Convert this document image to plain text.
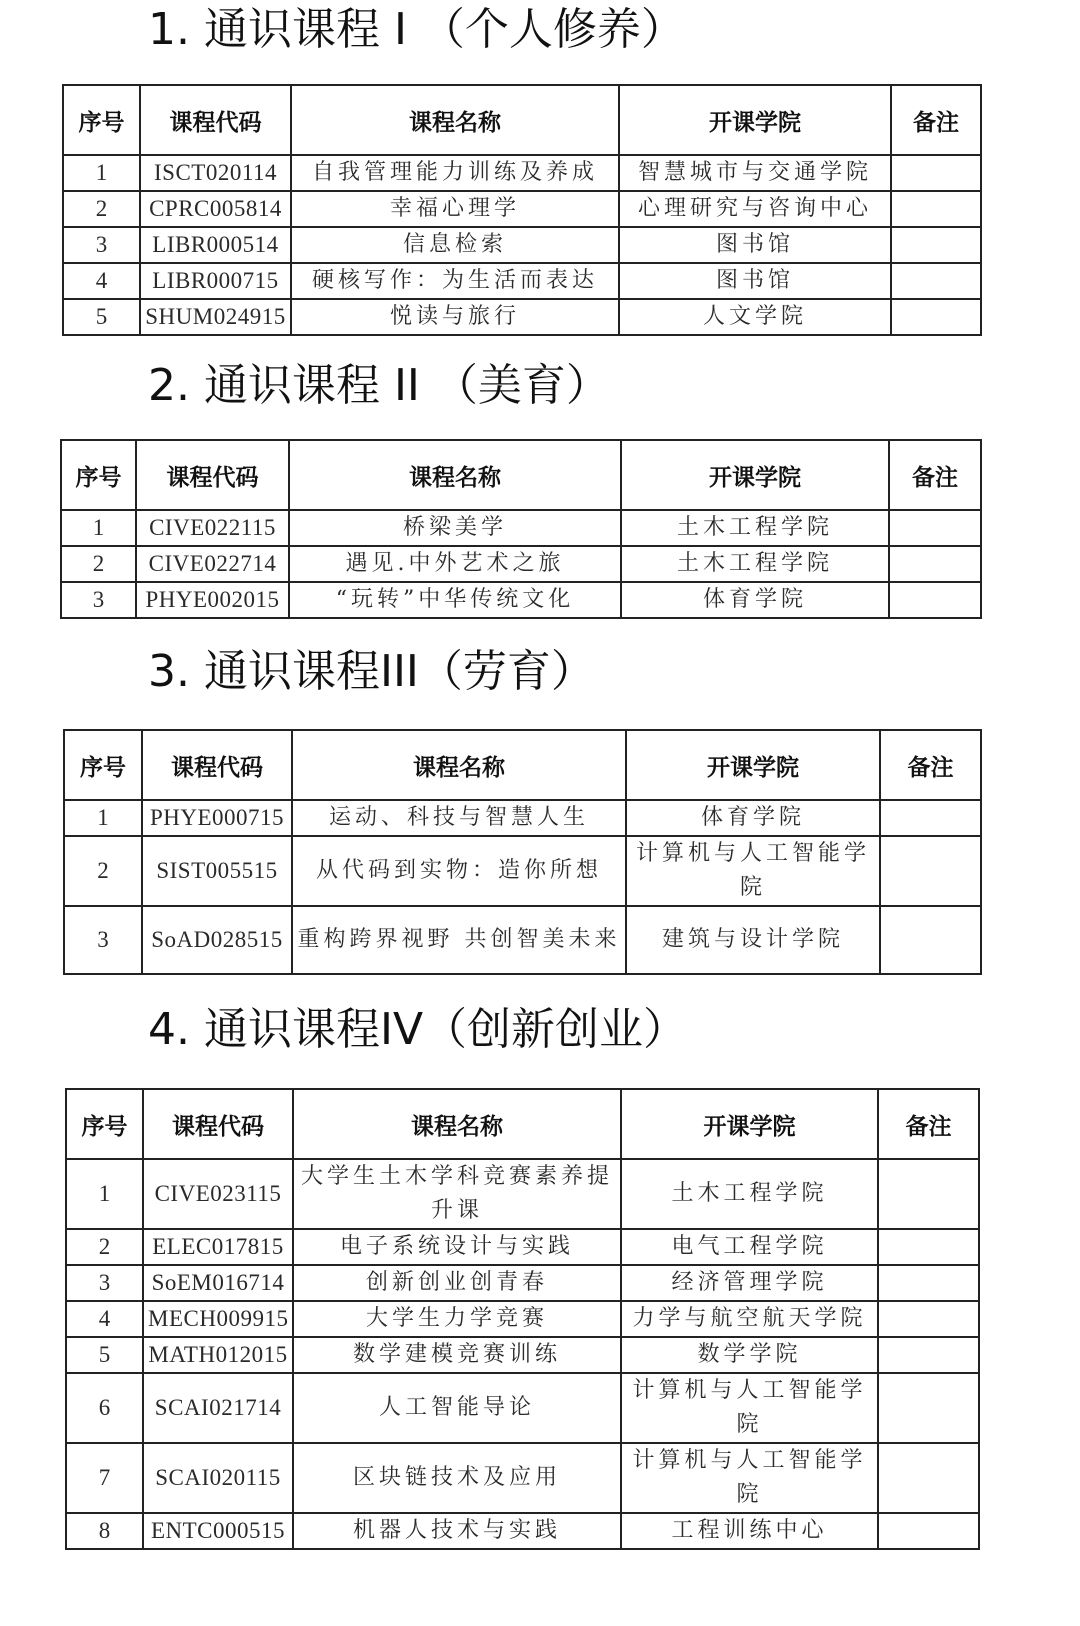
1. 通识课程 I （个人修养）
序号	课程代码	课程名称	开课学院	备注
1	ISCT020114	自我管理能力训练及养成	智慧城市与交通学院	
2	CPRC005814	幸福心理学	心理研究与咨询中心	
3	LIBR000514	信息检索	图书馆	
4	LIBR000715	硬核写作：为生活而表达	图书馆	
5	SHUM024915	悦读与旅行	人文学院	
2. 通识课程 II （美育）
序号	课程代码	课程名称	开课学院	备注
1	CIVE022115	桥梁美学	土木工程学院	
2	CIVE022714	遇见.中外艺术之旅	土木工程学院	
3	PHYE002015	“玩转”中华传统文化	体育学院	
3. 通识课程III（劳育）
序号	课程代码	课程名称	开课学院	备注
1	PHYE000715	运动、科技与智慧人生	体育学院	
2	SIST005515	从代码到实物：造你所想	计算机与人工智能学院	
3	SoAD028515	重构跨界视野 共创智美未来	建筑与设计学院	
4. 通识课程IV（创新创业）
序号	课程代码	课程名称	开课学院	备注
1	CIVE023115	大学生土木学科竞赛素养提升课	土木工程学院	
2	ELEC017815	电子系统设计与实践	电气工程学院	
3	SoEM016714	创新创业创青春	经济管理学院	
4	MECH009915	大学生力学竞赛	力学与航空航天学院	
5	MATH012015	数学建模竞赛训练	数学学院	
6	SCAI021714	人工智能导论	计算机与人工智能学院	
7	SCAI020115	区块链技术及应用	计算机与人工智能学院	
8	ENTC000515	机器人技术与实践	工程训练中心	
